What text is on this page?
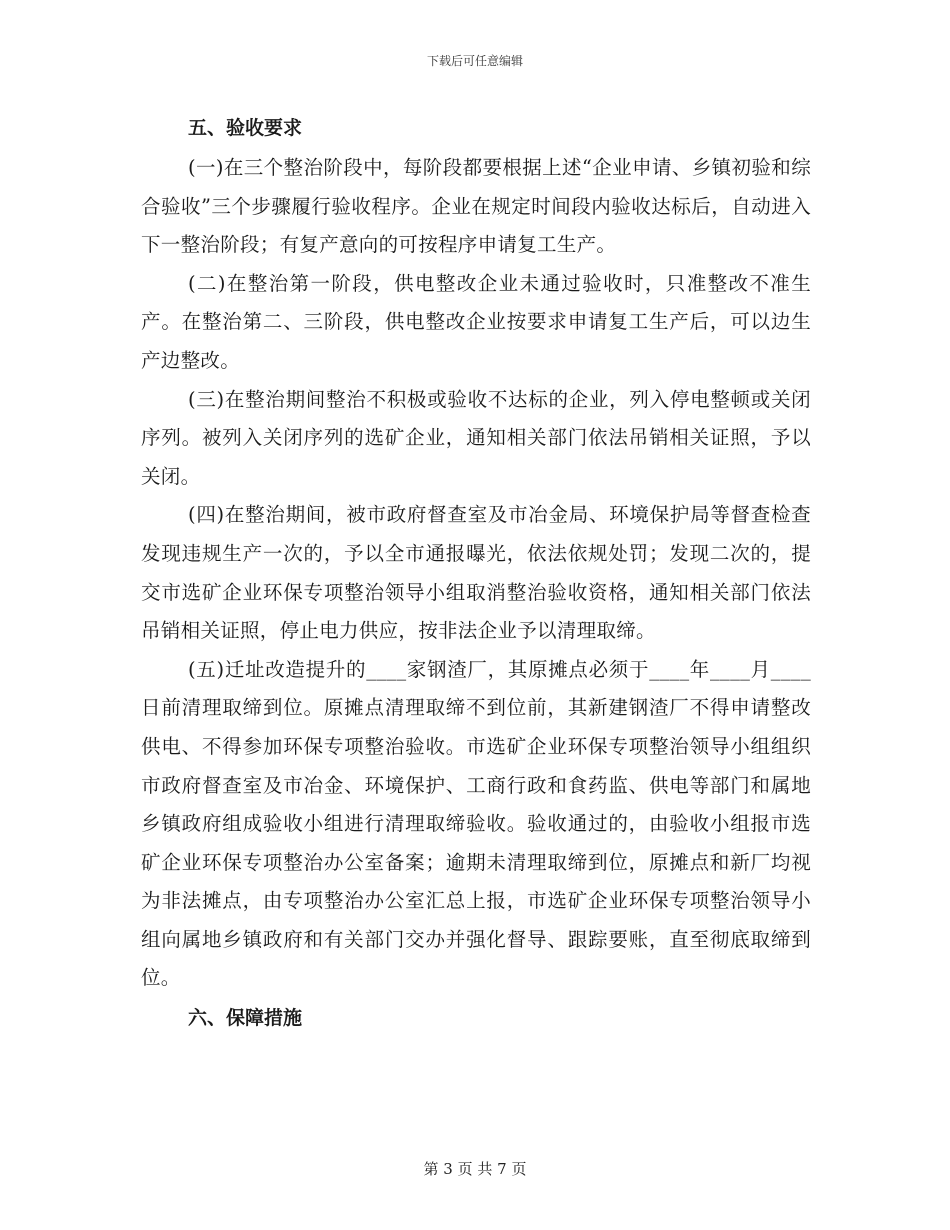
下载后可任意编辑
五、验收要求

(一)在三个整治阶段中，每阶段都要根据上述“企业申请、乡镇初验和综合验收”三个步骤履行验收程序。企业在规定时间段内验收达标后，自动进入下一整治阶段；有复产意向的可按程序申请复工生产。

(二)在整治第一阶段，供电整改企业未通过验收时，只准整改不准生产。在整治第二、三阶段，供电整改企业按要求申请复工生产后，可以边生产边整改。

(三)在整治期间整治不积极或验收不达标的企业，列入停电整顿或关闭序列。被列入关闭序列的选矿企业，通知相关部门依法吊销相关证照，予以关闭。

(四)在整治期间，被市政府督查室及市冶金局、环境保护局等督查检查发现违规生产一次的，予以全市通报曝光，依法依规处罚；发现二次的，提交市选矿企业环保专项整治领导小组取消整治验收资格，通知相关部门依法吊销相关证照，停止电力供应，按非法企业予以清理取缔。

(五)迁址改造提升的____家钢渣厂，其原摊点必须于____年____月____日前清理取缔到位。原摊点清理取缔不到位前，其新建钢渣厂不得申请整改供电、不得参加环保专项整治验收。市选矿企业环保专项整治领导小组组织市政府督查室及市冶金、环境保护、工商行政和食药监、供电等部门和属地乡镇政府组成验收小组进行清理取缔验收。验收通过的，由验收小组报市选矿企业环保专项整治办公室备案；逾期未清理取缔到位，原摊点和新厂均视为非法摊点，由专项整治办公室汇总上报，市选矿企业环保专项整治领导小组向属地乡镇政府和有关部门交办并强化督导、跟踪要账，直至彻底取缔到位。

六、保障措施
第 3 页 共 7 页
